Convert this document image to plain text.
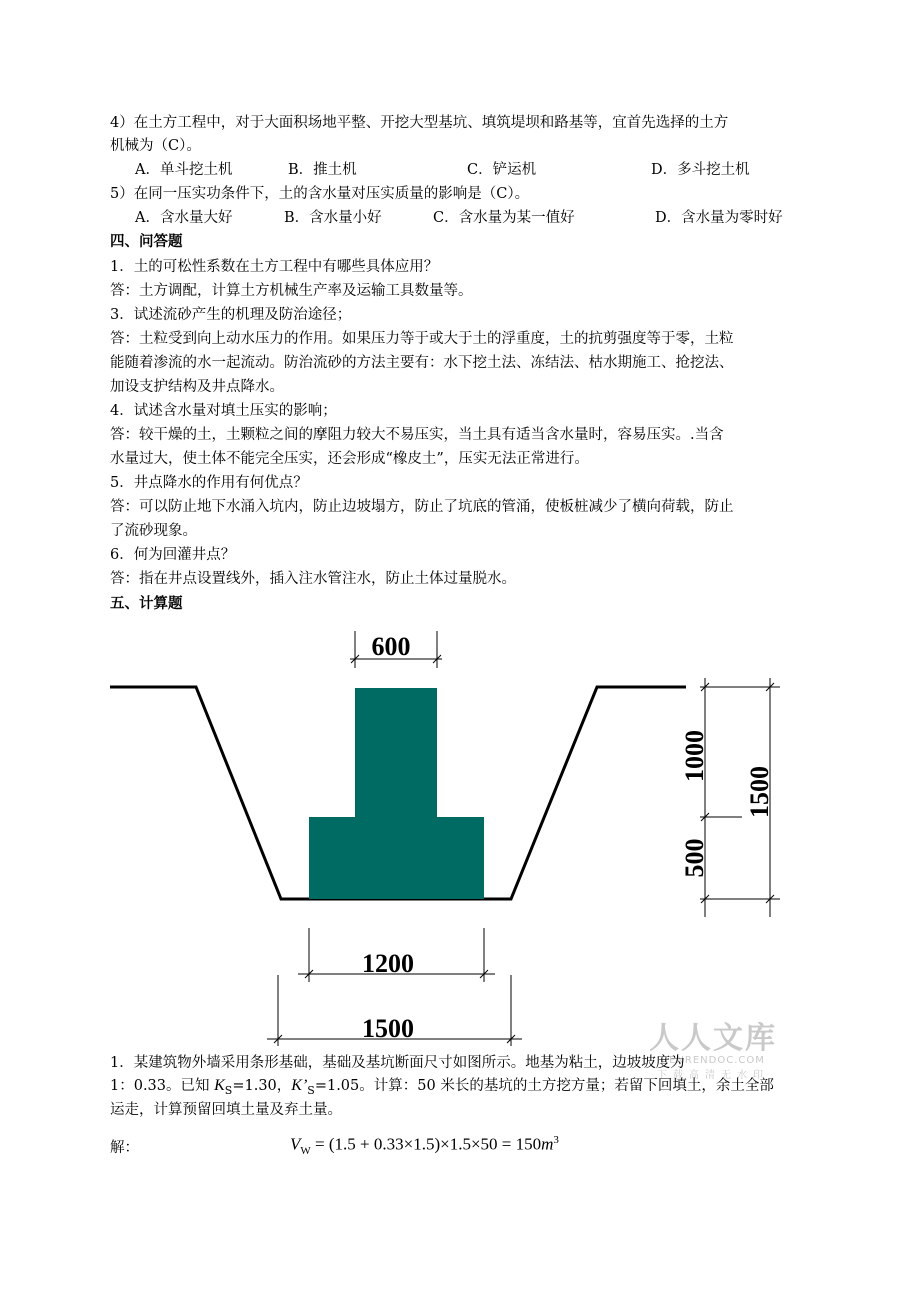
4）在土方工程中，对于大面积场地平整、开挖大型基坑、填筑堤坝和路基等，宜首先选择的土方
机械为（C）。
A．单斗挖土机	B．推土机	C．铲运机	D．多斗挖土机
5）在同一压实功条件下，土的含水量对压实质量的影响是（C）。
A．含水量大好	B．含水量小好	C．含水量为某一值好	D．含水量为零时好
四、问答题
1．土的可松性系数在土方工程中有哪些具体应用？
答：土方调配，计算土方机械生产率及运输工具数量等。
3．试述流砂产生的机理及防治途径；
答：土粒受到向上动水压力的作用。如果压力等于或大于土的浮重度，土的抗剪强度等于零，土粒
能随着渗流的水一起流动。防治流砂的方法主要有：水下挖土法、冻结法、枯水期施工、抢挖法、
加设支护结构及井点降水。
4．试述含水量对填土压实的影响；
答：较干燥的土，土颗粒之间的摩阻力较大不易压实，当土具有适当含水量时，容易压实。.当含
水量过大，使土体不能完全压实，还会形成“橡皮土”，压实无法正常进行。
5．井点降水的作用有何优点？
答：可以防止地下水涌入坑内，防止边坡塌方，防止了坑底的管涌，使板桩减少了横向荷载，防止
了流砂现象。
6．何为回灌井点？
答：指在井点设置线外，插入注水管注水，防止土体过量脱水。
五、计算题
600
1000
500
1500
1200
1500	人人文库
RENRENDOC.COM
下载高清无水印
1．某建筑物外墙采用条形基础，基础及基坑断面尺寸如图所示。地基为粘土，边坡坡度为
1：0.33。已知 $K_S=1.30$，$K’_S=1.05$。计算：50 米长的基坑的土方挖方量；若留下回填土，余土全部
运走，计算预留回填土量及弃土量。
解：	$V_W = (1.5 + 0.33\times 1.5)\times 1.5\times 50 = 150m^3$
